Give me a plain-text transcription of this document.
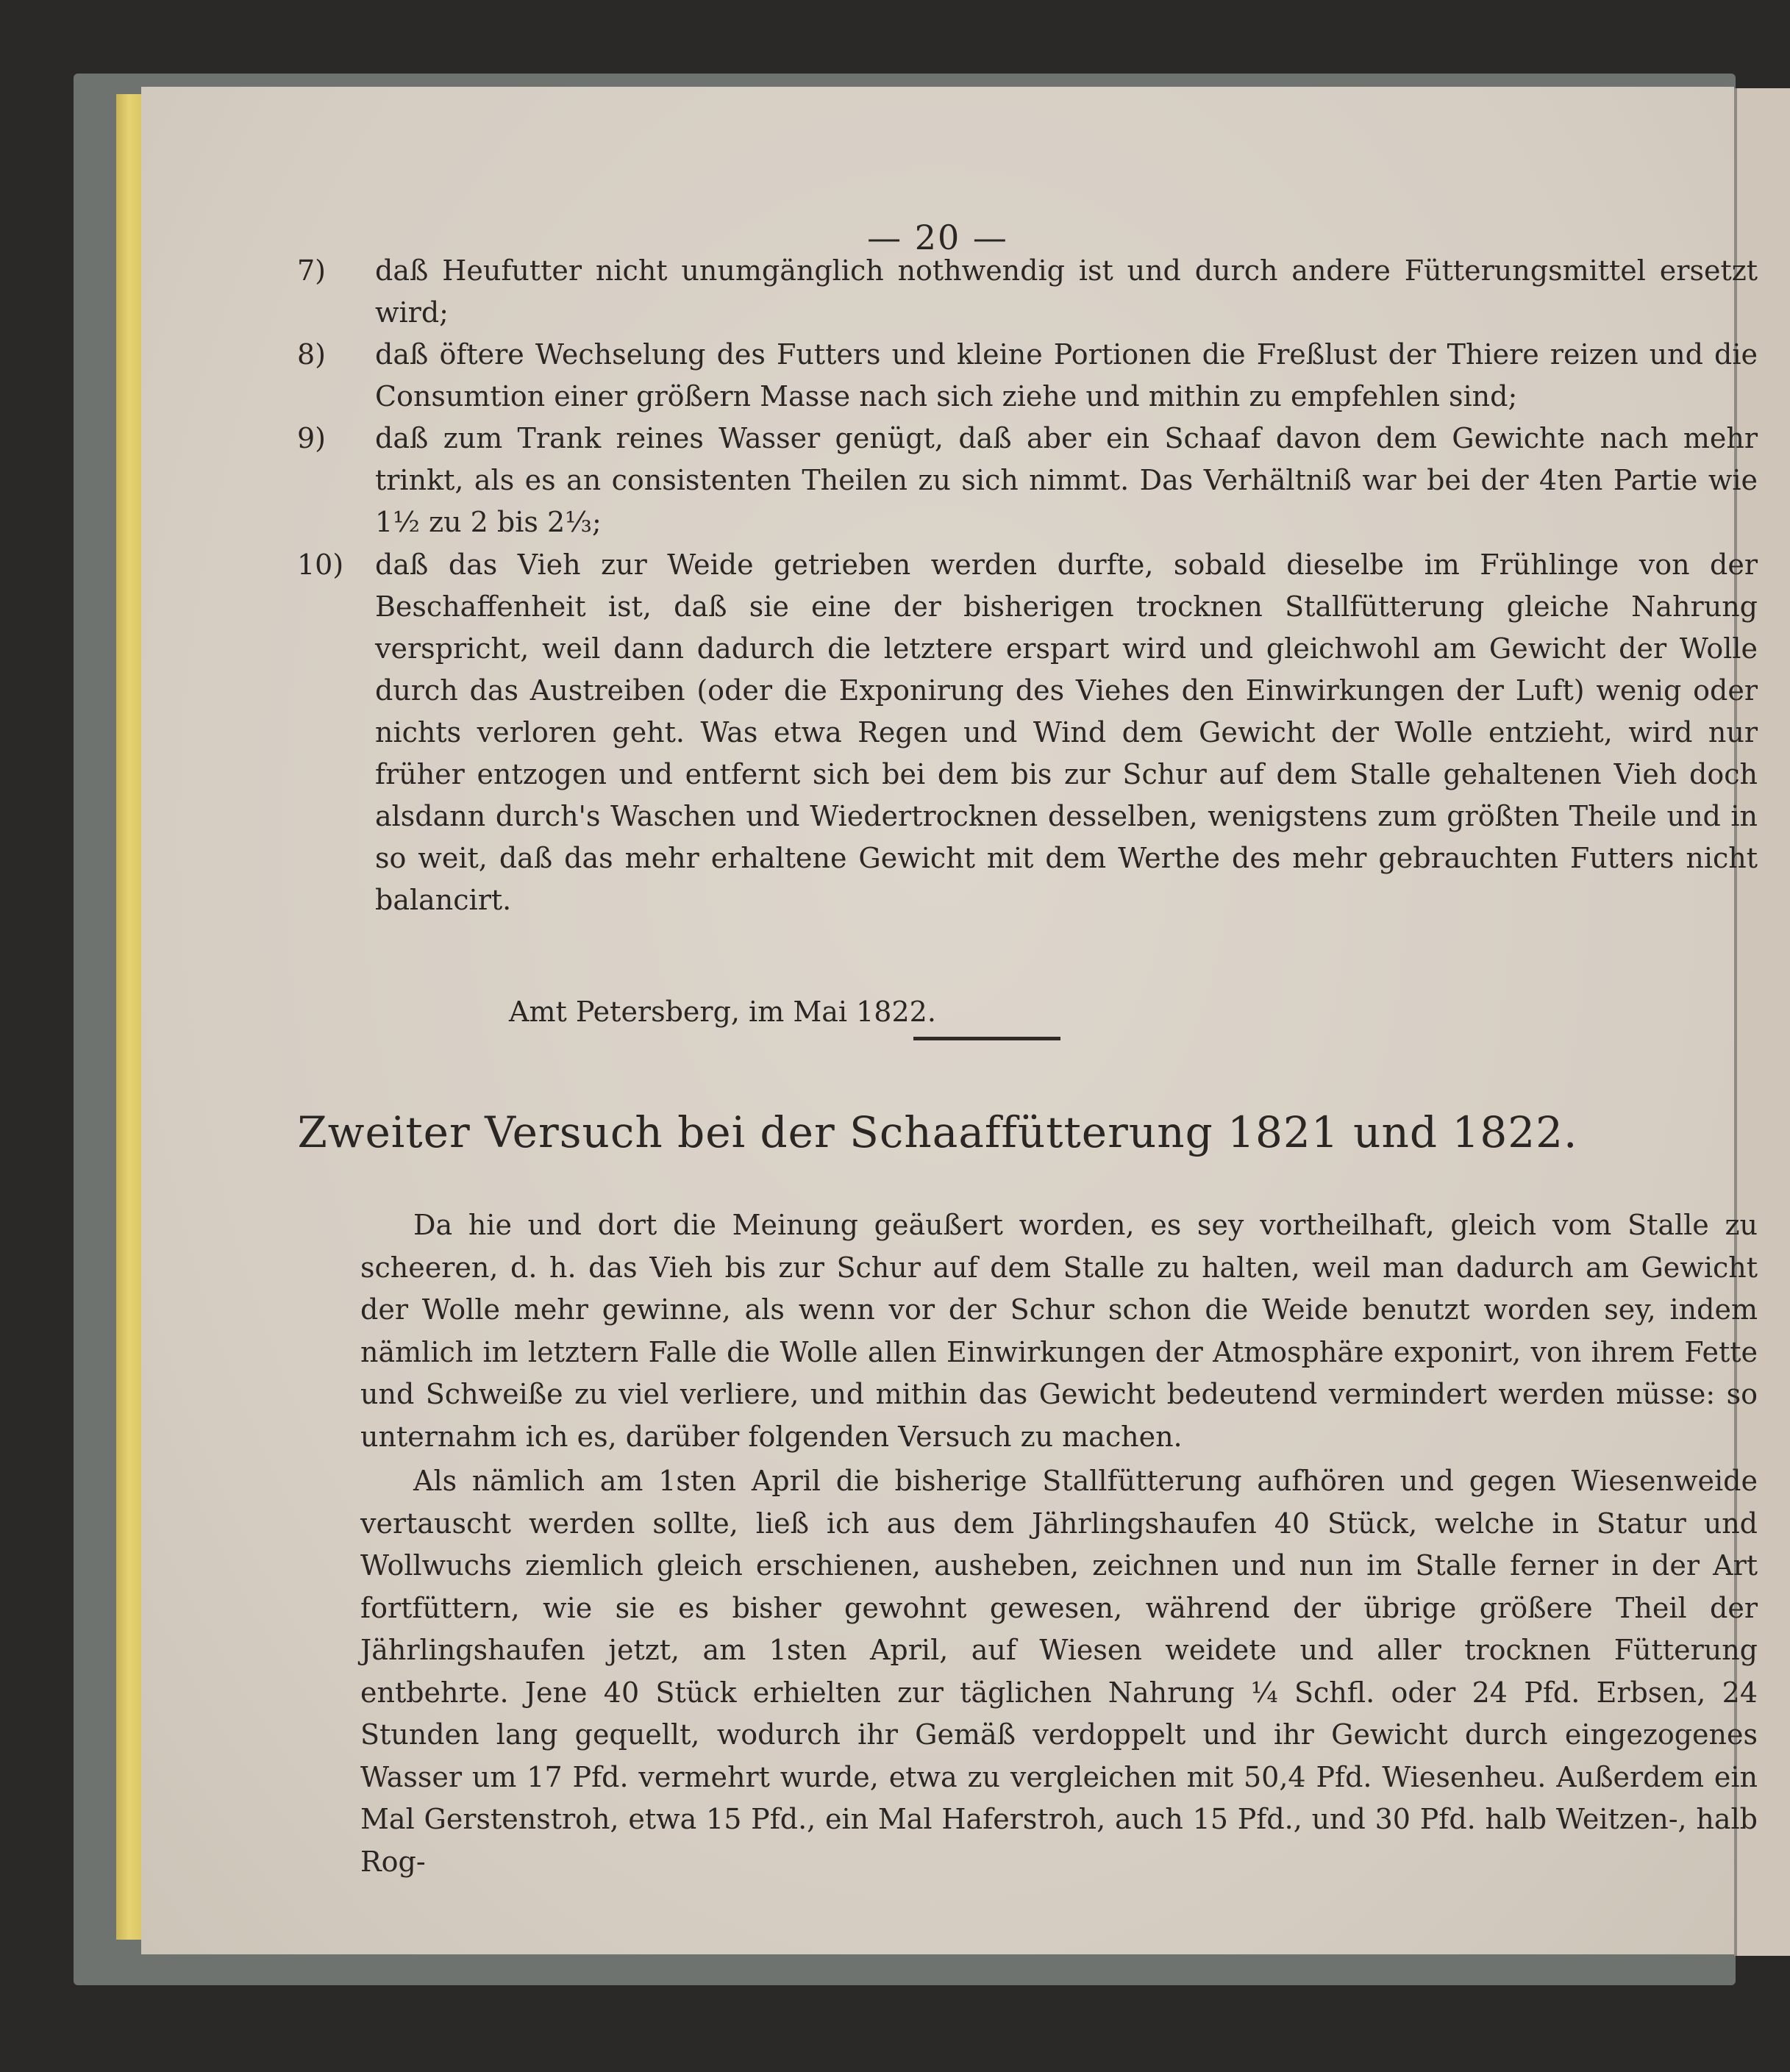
— 20 —
7)	daß Heufutter nicht unumgänglich nothwendig ist und durch andere Fütterungsmittel ersetzt wird;
8)	daß öftere Wechselung des Futters und kleine Portionen die Freßlust der Thiere reizen und die Consumtion einer größern Masse nach sich ziehe und mithin zu empfehlen sind;
9)	daß zum Trank reines Wasser genügt, daß aber ein Schaaf davon dem Gewichte nach mehr trinkt, als es an consistenten Theilen zu sich nimmt. Das Verhältniß war bei der 4ten Partie wie 1½ zu 2 bis 2⅓;
10)	daß das Vieh zur Weide getrieben werden durfte, sobald dieselbe im Frühlinge von der Beschaffenheit ist, daß sie eine der bisherigen trocknen Stallfütterung gleiche Nahrung verspricht, weil dann dadurch die letztere erspart wird und gleichwohl am Gewicht der Wolle durch das Austreiben (oder die Exponirung des Viehes den Einwirkungen der Luft) wenig oder nichts verloren geht. Was etwa Regen und Wind dem Gewicht der Wolle entzieht, wird nur früher entzogen und entfernt sich bei dem bis zur Schur auf dem Stalle gehaltenen Vieh doch alsdann durch's Waschen und Wiedertrocknen desselben, wenigstens zum größten Theile und in so weit, daß das mehr erhaltene Gewicht mit dem Werthe des mehr gebrauchten Futters nicht balancirt.
Amt Petersberg, im Mai 1822.
Zweiter Versuch bei der Schaaffütterung 1821 und 1822.
Da hie und dort die Meinung geäußert worden, es sey vortheilhaft, gleich vom Stalle zu scheeren, d. h. das Vieh bis zur Schur auf dem Stalle zu halten, weil man dadurch am Gewicht der Wolle mehr gewinne, als wenn vor der Schur schon die Weide benutzt worden sey, indem nämlich im letztern Falle die Wolle allen Einwirkungen der Atmosphäre exponirt, von ihrem Fette und Schweiße zu viel verliere, und mithin das Gewicht bedeutend vermindert werden müsse: so unternahm ich es, darüber folgenden Versuch zu machen.
Als nämlich am 1sten April die bisherige Stallfütterung aufhören und gegen Wiesenweide vertauscht werden sollte, ließ ich aus dem Jährlingshaufen 40 Stück, welche in Statur und Wollwuchs ziemlich gleich erschienen, ausheben, zeichnen und nun im Stalle ferner in der Art fortfüttern, wie sie es bisher gewohnt gewesen, während der übrige größere Theil der Jährlingshaufen jetzt, am 1sten April, auf Wiesen weidete und aller trocknen Fütterung entbehrte. Jene 40 Stück erhielten zur täglichen Nahrung ¼ Schfl. oder 24 Pfd. Erbsen, 24 Stunden lang gequellt, wodurch ihr Gemäß verdoppelt und ihr Gewicht durch eingezogenes Wasser um 17 Pfd. vermehrt wurde, etwa zu vergleichen mit 50,4 Pfd. Wiesenheu. Außerdem ein Mal Gerstenstroh, etwa 15 Pfd., ein Mal Haferstroh, auch 15 Pfd., und 30 Pfd. halb Weitzen-, halb Rog-
